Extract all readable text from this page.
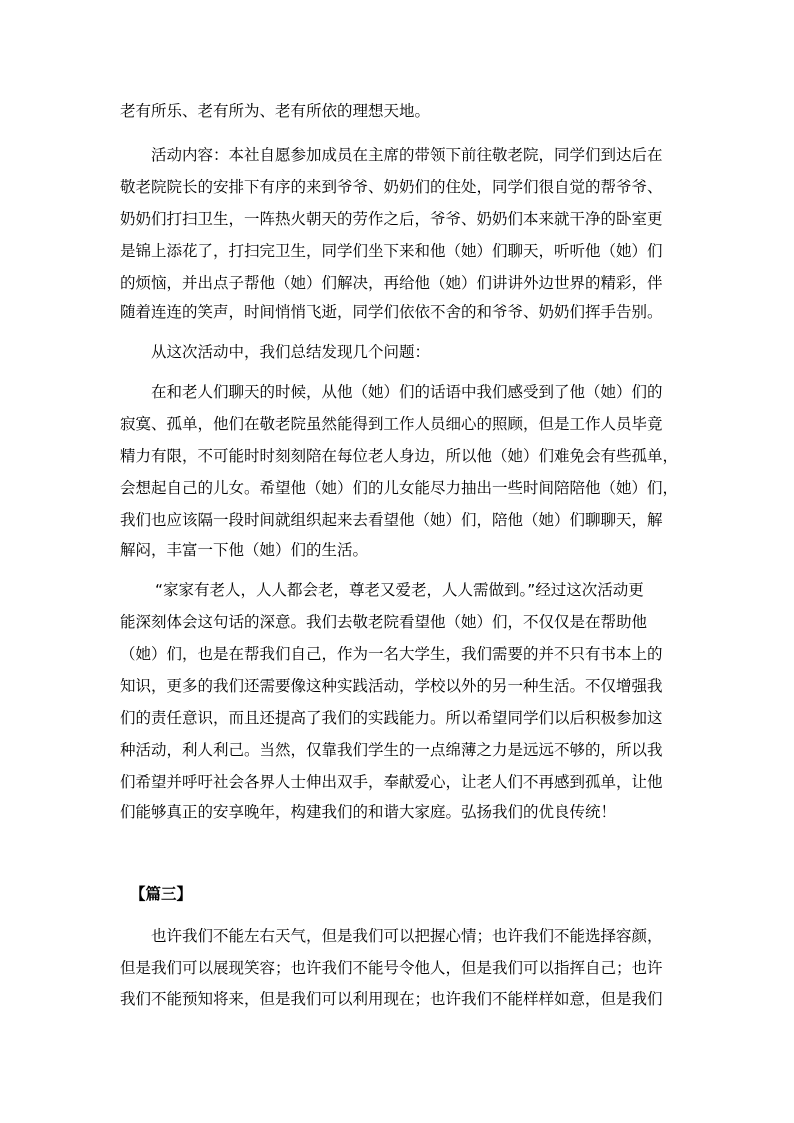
老有所乐、老有所为、老有所依的理想天地。
活动内容：本社自愿参加成员在主席的带领下前往敬老院，同学们到达后在
敬老院院长的安排下有序的来到爷爷、奶奶们的住处，同学们很自觉的帮爷爷、
奶奶们打扫卫生，一阵热火朝天的劳作之后，爷爷、奶奶们本来就干净的卧室更
是锦上添花了，打扫完卫生，同学们坐下来和他（她）们聊天，听听他（她）们
的烦恼，并出点子帮他（她）们解决，再给他（她）们讲讲外边世界的精彩，伴
随着连连的笑声，时间悄悄飞逝，同学们依依不舍的和爷爷、奶奶们挥手告别。
从这次活动中，我们总结发现几个问题：
在和老人们聊天的时候，从他（她）们的话语中我们感受到了他（她）们的
寂寞、孤单，他们在敬老院虽然能得到工作人员细心的照顾，但是工作人员毕竟
精力有限，不可能时时刻刻陪在每位老人身边，所以他（她）们难免会有些孤单，
会想起自己的儿女。希望他（她）们的儿女能尽力抽出一些时间陪陪他（她）们，
我们也应该隔一段时间就组织起来去看望他（她）们，陪他（她）们聊聊天，解
解闷，丰富一下他（她）们的生活。
“家家有老人，人人都会老，尊老又爱老，人人需做到。”经过这次活动更
能深刻体会这句话的深意。我们去敬老院看望他（她）们，不仅仅是在帮助他
（她）们，也是在帮我们自己，作为一名大学生，我们需要的并不只有书本上的
知识，更多的我们还需要像这种实践活动，学校以外的另一种生活。不仅增强我
们的责任意识，而且还提高了我们的实践能力。所以希望同学们以后积极参加这
种活动，利人利己。当然，仅靠我们学生的一点绵薄之力是远远不够的，所以我
们希望并呼吁社会各界人士伸出双手，奉献爱心，让老人们不再感到孤单，让他
们能够真正的安享晚年，构建我们的和谐大家庭。弘扬我们的优良传统！
【篇三】
也许我们不能左右天气，但是我们可以把握心情；也许我们不能选择容颜，
但是我们可以展现笑容；也许我们不能号令他人，但是我们可以指挥自己；也许
我们不能预知将来，但是我们可以利用现在；也许我们不能样样如意，但是我们
